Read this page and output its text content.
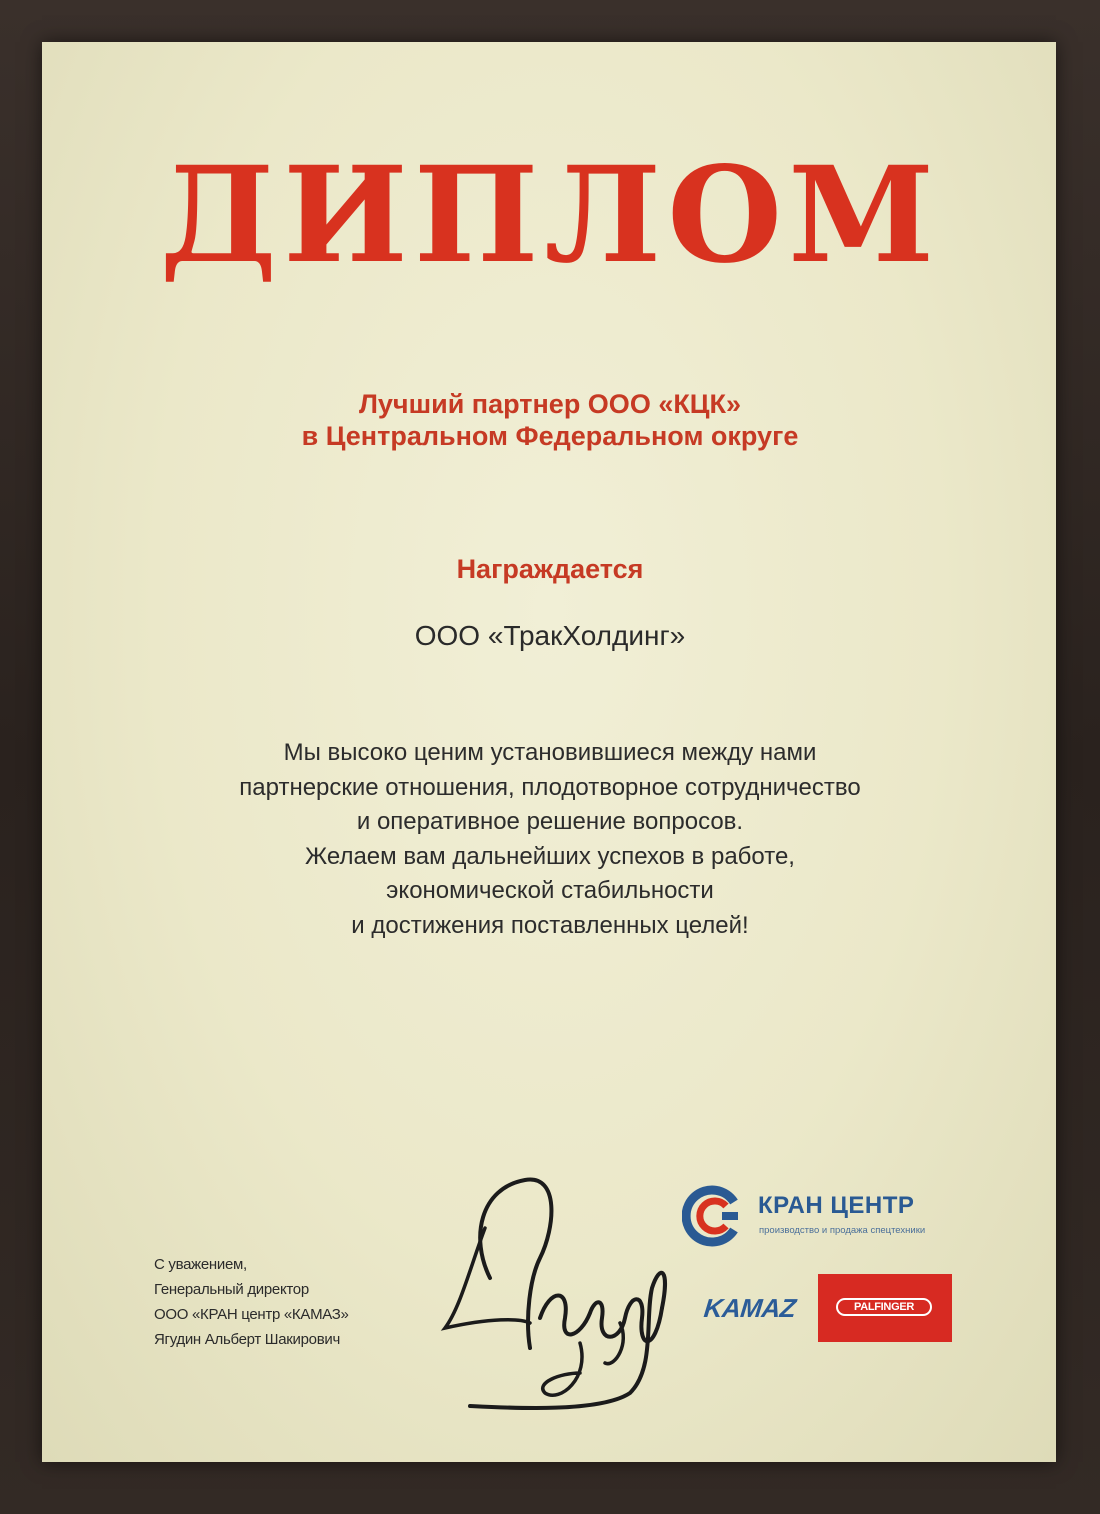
ДИПЛОМ
Лучший партнер ООО «КЦК»
в Центральном Федеральном округе
Награждается
ООО «ТракХолдинг»
Мы высоко ценим установившиеся между нами
партнерские отношения, плодотворное сотрудничество
и оперативное решение вопросов.
Желаем вам дальнейших успехов в работе,
экономической стабильности
и достижения поставленных целей!
С уважением,
Генеральный директор
ООО «КРАН центр «КАМАЗ»
Ягудин Альберт Шакирович
КРАН ЦЕНТР
производство и продажа спецтехники
KAMAZ	PALFINGER
